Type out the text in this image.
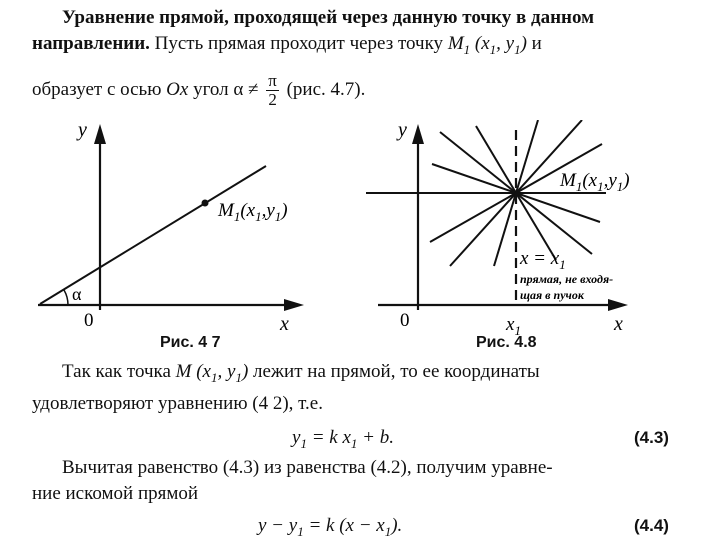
Уравнение прямой, проходящей через данную точку в данном
направлении. Пусть прямая проходит через точку $M_1$ ($x_1$, $y_1$) и
образует с осью Ox угол $\alpha \ne \frac{\pi}{2} (рис$. 4.7).
y
x
0
α
$M_1(x_1,y_1)$
Рис. 4 7
y
x
0	$x_1$
$M_1(x_1,y_1)$
$x = x_1$
прямая, не входя-
щая в пучок
Рис. 4.8
Так как точка M ($x_1$, $y_1$) лежит на прямой, то ее координаты
удовлетворяют уравнению (4 2), т.е.
$y_1 = k$ $x_1 + b$.	(4.3)
Вычитая равенство (4.3) из равенства (4.2), получим уравне-
ние искомой прямой
$y - y_1 = k$ $(x - x_1)$.	(4.4)
